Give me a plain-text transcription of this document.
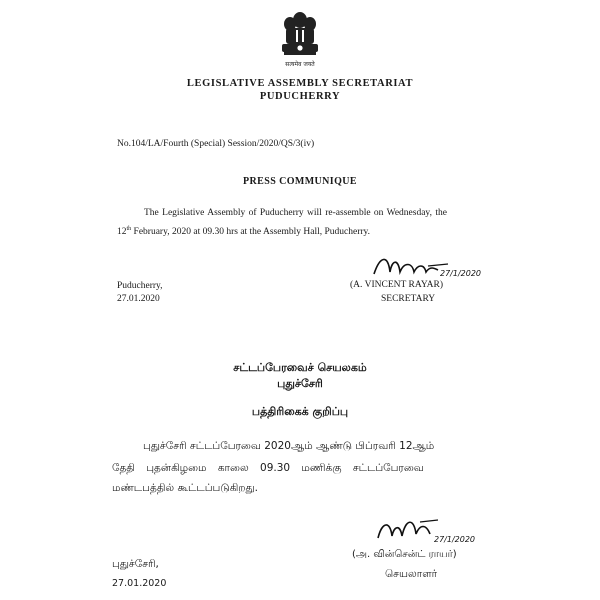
सत्यमेव जयते
LEGISLATIVE ASSEMBLY SECRETARIAT
PUDUCHERRY
No.104/LA/Fourth (Special) Session/2020/QS/3(iv)
PRESS COMMUNIQUE
The Legislative Assembly of Puducherry will re-assemble on Wednesday, the
12th February, 2020 at 09.30 hrs at the Assembly Hall, Puducherry.
27/1/2020
Puducherry,
27.01.2020
(A. VINCENT RAYAR)
SECRETARY
சட்டப்பேரவைச் செயலகம்
புதுச்சேரி
பத்திரிகைக் குறிப்பு
புதுச்சேரி சட்டப்பேரவை 2020ஆம் ஆண்டு பிப்ரவரி 12ஆம்
தேதி புதன்கிழமை காலை 09.30 மணிக்கு சட்டப்பேரவை
மண்டபத்தில் கூட்டப்படுகிறது.
27/1/2020
புதுச்சேரி,
27.01.2020
(அ. வின்சென்ட் ராயர்)
செயலாளர்
